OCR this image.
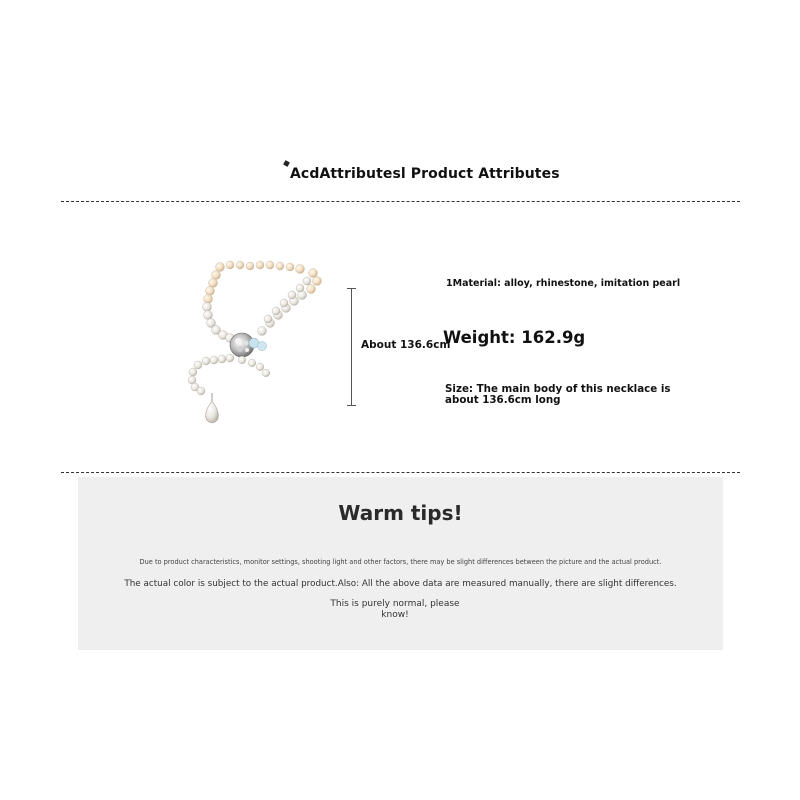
AcdAttributesl Product Attributes
About 136.6cm
1Material: alloy, rhinestone, imitation pearl
Weight: 162.9g
Size: The main body of this necklace is about 136.6cm long
Warm tips!
Due to product characteristics, monitor settings, shooting light and other factors, there may be slight differences between the picture and the actual product.
The actual color is subject to the actual product.Also: All the above data are measured manually, there are slight differences.
This is purely normal, please know!
